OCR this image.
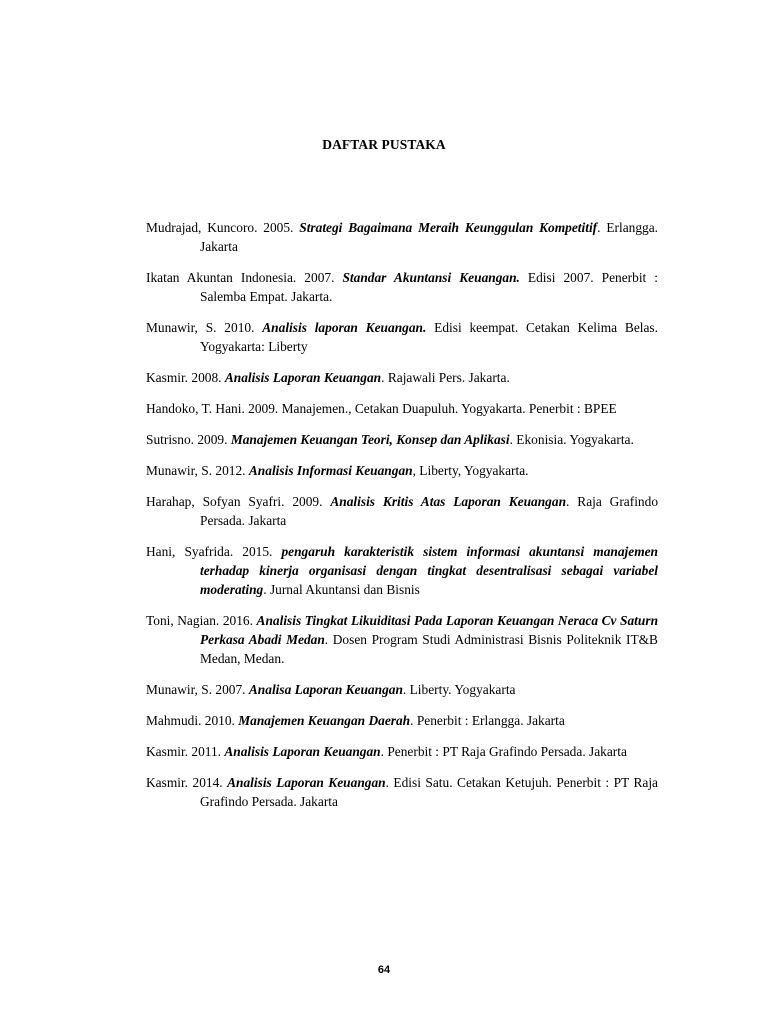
DAFTAR PUSTAKA

Mudrajad, Kuncoro. 2005. Strategi Bagaimana Meraih Keunggulan Kompetitif. Erlangga. Jakarta

Ikatan Akuntan Indonesia. 2007. Standar Akuntansi Keuangan. Edisi 2007. Penerbit : Salemba Empat. Jakarta.

Munawir, S. 2010. Analisis laporan Keuangan. Edisi keempat. Cetakan Kelima Belas. Yogyakarta: Liberty

Kasmir. 2008. Analisis Laporan Keuangan. Rajawali Pers. Jakarta.

Handoko, T. Hani. 2009. Manajemen., Cetakan Duapuluh. Yogyakarta. Penerbit : BPEE

Sutrisno. 2009. Manajemen Keuangan Teori, Konsep dan Aplikasi. Ekonisia. Yogyakarta.

Munawir, S. 2012. Analisis Informasi Keuangan, Liberty, Yogyakarta.

Harahap, Sofyan Syafri. 2009. Analisis Kritis Atas Laporan Keuangan. Raja Grafindo Persada. Jakarta

Hani, Syafrida. 2015. pengaruh karakteristik sistem informasi akuntansi manajemen terhadap kinerja organisasi dengan tingkat desentralisasi sebagai variabel moderating. Jurnal Akuntansi dan Bisnis

Toni, Nagian. 2016. Analisis Tingkat Likuiditasi Pada Laporan Keuangan Neraca Cv Saturn Perkasa Abadi Medan. Dosen Program Studi Administrasi Bisnis Politeknik IT&B Medan, Medan.

Munawir, S. 2007. Analisa Laporan Keuangan. Liberty. Yogyakarta

Mahmudi. 2010. Manajemen Keuangan Daerah. Penerbit : Erlangga. Jakarta

Kasmir. 2011. Analisis Laporan Keuangan. Penerbit : PT Raja Grafindo Persada. Jakarta

Kasmir. 2014. Analisis Laporan Keuangan. Edisi Satu. Cetakan Ketujuh. Penerbit : PT Raja Grafindo Persada. Jakarta

64
